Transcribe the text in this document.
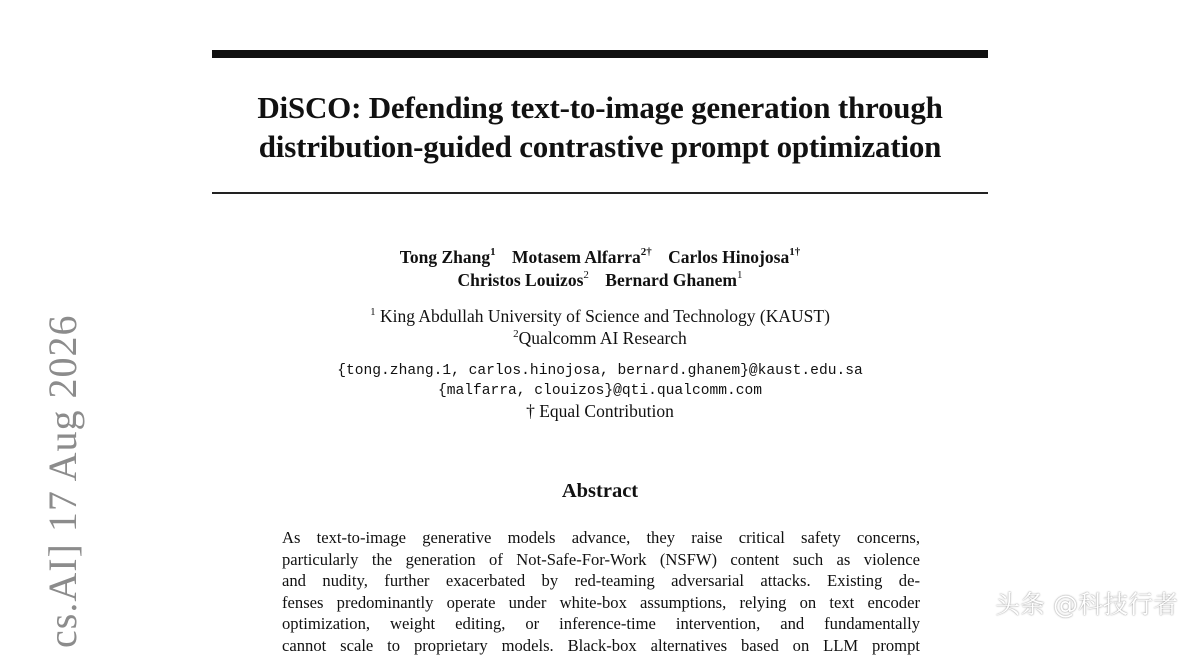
DiSCO: Defending text-to-image generation through
distribution-guided contrastive prompt optimization
Tong Zhang$^1$ Motasem Alfarra$^{2\dagger}$ Carlos Hinojosa$^{1\dagger}$
Christos Louizos$^2$ Bernard Ghanem$^1$
$^1$ King Abdullah University of Science and Technology (KAUST)
$^2$Qualcomm AI Research
{tong.zhang.1, carlos.hinojosa, bernard.ghanem}@kaust.edu.sa
{malfarra, clouizos}@qti.qualcomm.com
† Equal Contribution
Abstract
As text-to-image generative models advance, they raise critical safety concerns,
particularly the generation of Not-Safe-For-Work (NSFW) content such as violence
and nudity, further exacerbated by red-teaming adversarial attacks. Existing de-
fenses predominantly operate under white-box assumptions, relying on text encoder
optimization, weight editing, or inference-time intervention, and fundamentally
cannot scale to proprietary models. Black-box alternatives based on LLM prompt
cs.AI] 17 Aug 2026	头条 @科技行者
